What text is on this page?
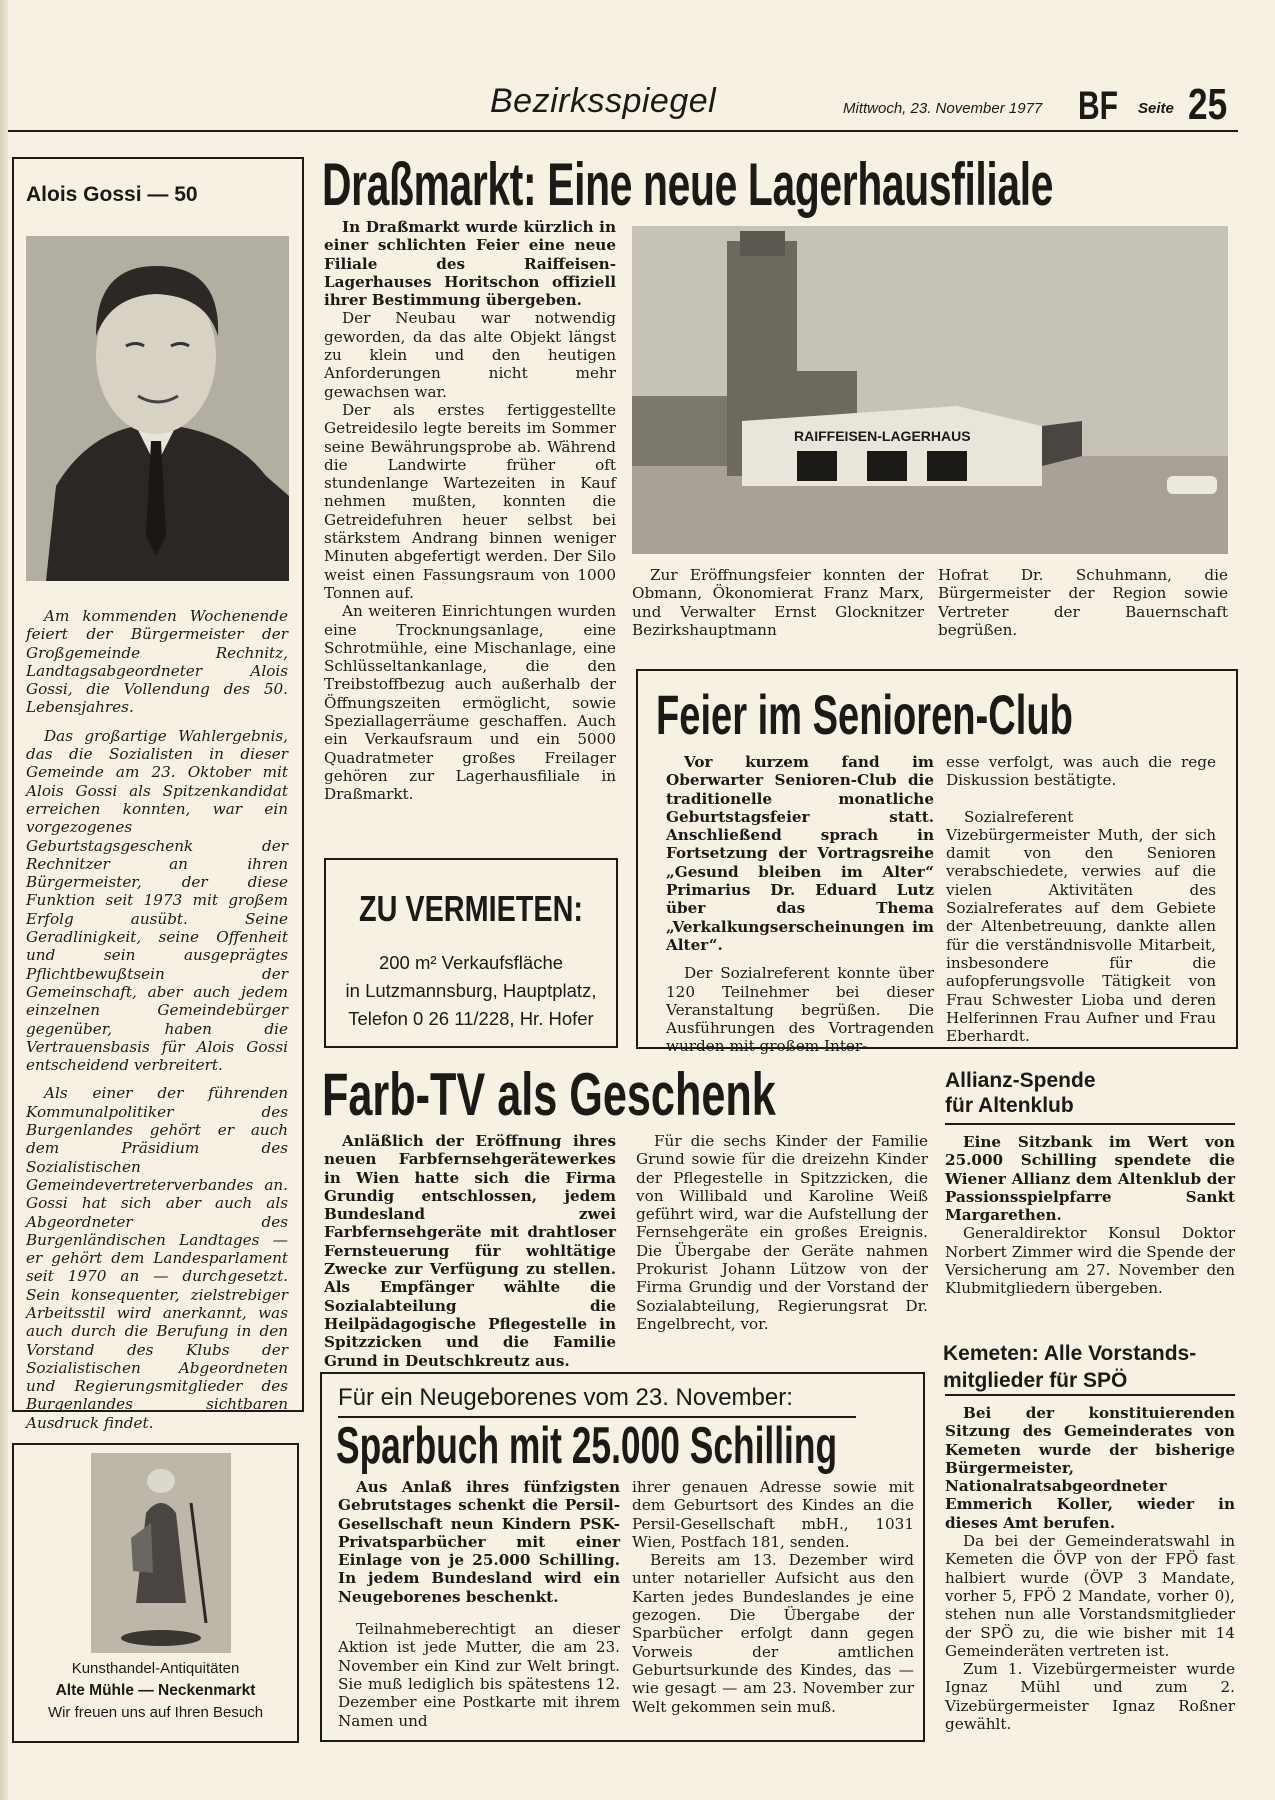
Bezirksspiegel	Mittwoch, 23. November 1977 BF Seite 25
Alois Gossi — 50

Am kommenden Wochenende feiert der Bürgermeister der Großgemeinde Rechnitz, Landtagsabgeordneter Alois Gossi, die Vollendung des 50. Lebensjahres.

Das großartige Wahlergebnis, das die Sozialisten in dieser Gemeinde am 23. Oktober mit Alois Gossi als Spitzenkandidat erreichen konnten, war ein vorgezogenes Geburtstagsgeschenk der Rechnitzer an ihren Bürgermeister, der diese Funktion seit 1973 mit großem Erfolg ausübt. Seine Geradlinigkeit, seine Offenheit und sein ausgeprägtes Pflichtbewußtsein der Gemeinschaft, aber auch jedem einzelnen Gemeindebürger gegenüber, haben die Vertrauensbasis für Alois Gossi entscheidend verbreitert.

Als einer der führenden Kommunalpolitiker des Burgenlandes gehört er auch dem Präsidium des Sozialistischen Gemeindevertreterverbandes an. Gossi hat sich aber auch als Abgeordneter des Burgenländischen Landtages — er gehört dem Landesparlament seit 1970 an — durchgesetzt. Sein konsequenter, zielstrebiger Arbeitsstil wird anerkannt, was auch durch die Berufung in den Vorstand des Klubs der Sozialistischen Abgeordneten und Regierungsmitglieder des Burgenlandes sichtbaren Ausdruck findet.

Kunsthandel-Antiquitäten
Alte Mühle — Neckenmarkt
Wir freuen uns auf Ihren Besuch
Draßmarkt: Eine neue Lagerhausfiliale

In Draßmarkt wurde kürzlich in einer schlichten Feier eine neue Filiale des Raiffeisen-Lagerhauses Horitschon offiziell ihrer Bestimmung übergeben.

Der Neubau war notwendig geworden, da das alte Objekt längst zu klein und den heutigen Anforderungen nicht mehr gewachsen war.

Der als erstes fertiggestellte Getreidesilo legte bereits im Sommer seine Bewährungsprobe ab. Während die Landwirte früher oft stundenlange Wartezeiten in Kauf nehmen mußten, konnten die Getreidefuhren heuer selbst bei stärkstem Andrang binnen weniger Minuten abgefertigt werden. Der Silo weist einen Fassungsraum von 1000 Tonnen auf.

An weiteren Einrichtungen wurden eine Trocknungsanlage, eine Schrotmühle, eine Mischanlage, eine Schlüsseltankanlage, die den Treibstoffbezug auch außerhalb der Öffnungszeiten ermöglicht, sowie Speziallagerräume geschaffen. Auch ein Verkaufsraum und ein 5000 Quadratmeter großes Freilager gehören zur Lagerhausfiliale in Draßmarkt.

RAIFFEISEN-LAGERHAUS

Zur Eröffnungsfeier konnten der Obmann, Ökonomierat Franz Marx, und Verwalter Ernst Glocknitzer Bezirkshauptmann

Hofrat Dr. Schuhmann, die Bürgermeister der Region sowie Vertreter der Bauernschaft begrüßen.

ZU VERMIETEN:
200 m² Verkaufsfläche
in Lutzmannsburg, Hauptplatz,
Telefon 0 26 11/228, Hr. Hofer
Feier im Senioren-Club

Vor kurzem fand im Oberwarter Senioren-Club die traditionelle monatliche Geburtstagsfeier statt. Anschließend sprach in Fortsetzung der Vortragsreihe „Gesund bleiben im Alter“ Primarius Dr. Eduard Lutz über das Thema „Verkalkungserscheinungen im Alter“.

Der Sozialreferent konnte über 120 Teilnehmer bei dieser Veranstaltung begrüßen. Die Ausführungen des Vortragenden wurden mit großem Inter-

esse verfolgt, was auch die rege Diskussion bestätigte.

Sozialreferent Vizebürgermeister Muth, der sich damit von den Senioren verabschiedete, verwies auf die vielen Aktivitäten des Sozialreferates auf dem Gebiete der Altenbetreuung, dankte allen für die verständnisvolle Mitarbeit, insbesondere für die aufopferungsvolle Tätigkeit von Frau Schwester Lioba und deren Helferinnen Frau Aufner und Frau Eberhardt.

Farb-TV als Geschenk

Anläßlich der Eröffnung ihres neuen Farbfernsehgerätewerkes in Wien hatte sich die Firma Grundig entschlossen, jedem Bundesland zwei Farbfernsehgeräte mit drahtloser Fernsteuerung für wohltätige Zwecke zur Verfügung zu stellen. Als Empfänger wählte die Sozialabteilung die Heilpädagogische Pflegestelle in Spitzzicken und die Familie Grund in Deutschkreutz aus.

Für die sechs Kinder der Familie Grund sowie für die dreizehn Kinder der Pflegestelle in Spitzzicken, die von Willibald und Karoline Weiß geführt wird, war die Aufstellung der Fernsehgeräte ein großes Ereignis. Die Übergabe der Geräte nahmen Prokurist Johann Lützow von der Firma Grundig und der Vorstand der Sozialabteilung, Regierungsrat Dr. Engelbrecht, vor.

Allianz-Spende
für Altenklub

Eine Sitzbank im Wert von 25.000 Schilling spendete die Wiener Allianz dem Altenklub der Passionsspielpfarre Sankt Margarethen.

Generaldirektor Konsul Doktor Norbert Zimmer wird die Spende der Versicherung am 27. November den Klubmitgliedern übergeben.

Kemeten: Alle Vorstands-
mitglieder für SPÖ

Bei der konstituierenden Sitzung des Gemeinderates von Kemeten wurde der bisherige Bürgermeister, Nationalratsabgeordneter Emmerich Koller, wieder in dieses Amt berufen.

Da bei der Gemeinderatswahl in Kemeten die ÖVP von der FPÖ fast halbiert wurde (ÖVP 3 Mandate, vorher 5, FPÖ 2 Mandate, vorher 0), stehen nun alle Vorstandsmitglieder der SPÖ zu, die wie bisher mit 14 Gemeinderäten vertreten ist.

Zum 1. Vizebürgermeister wurde Ignaz Mühl und zum 2. Vizebürgermeister Ignaz Roßner gewählt.

Für ein Neugeborenes vom 23. November:
Sparbuch mit 25.000 Schilling

Aus Anlaß ihres fünfzigsten Gebrutstages schenkt die Persil-Gesellschaft neun Kindern PSK-Privatsparbücher mit einer Einlage von je 25.000 Schilling. In jedem Bundesland wird ein Neugeborenes beschenkt.

Teilnahmeberechtigt an dieser Aktion ist jede Mutter, die am 23. November ein Kind zur Welt bringt. Sie muß lediglich bis spätestens 12. Dezember eine Postkarte mit ihrem Namen und

ihrer genauen Adresse sowie mit dem Geburtsort des Kindes an die Persil-Gesellschaft mbH., 1031 Wien, Postfach 181, senden.

Bereits am 13. Dezember wird unter notarieller Aufsicht aus den Karten jedes Bundeslandes je eine gezogen. Die Übergabe der Sparbücher erfolgt dann gegen Vorweis der amtlichen Geburtsurkunde des Kindes, das — wie gesagt — am 23. November zur Welt gekommen sein muß.
